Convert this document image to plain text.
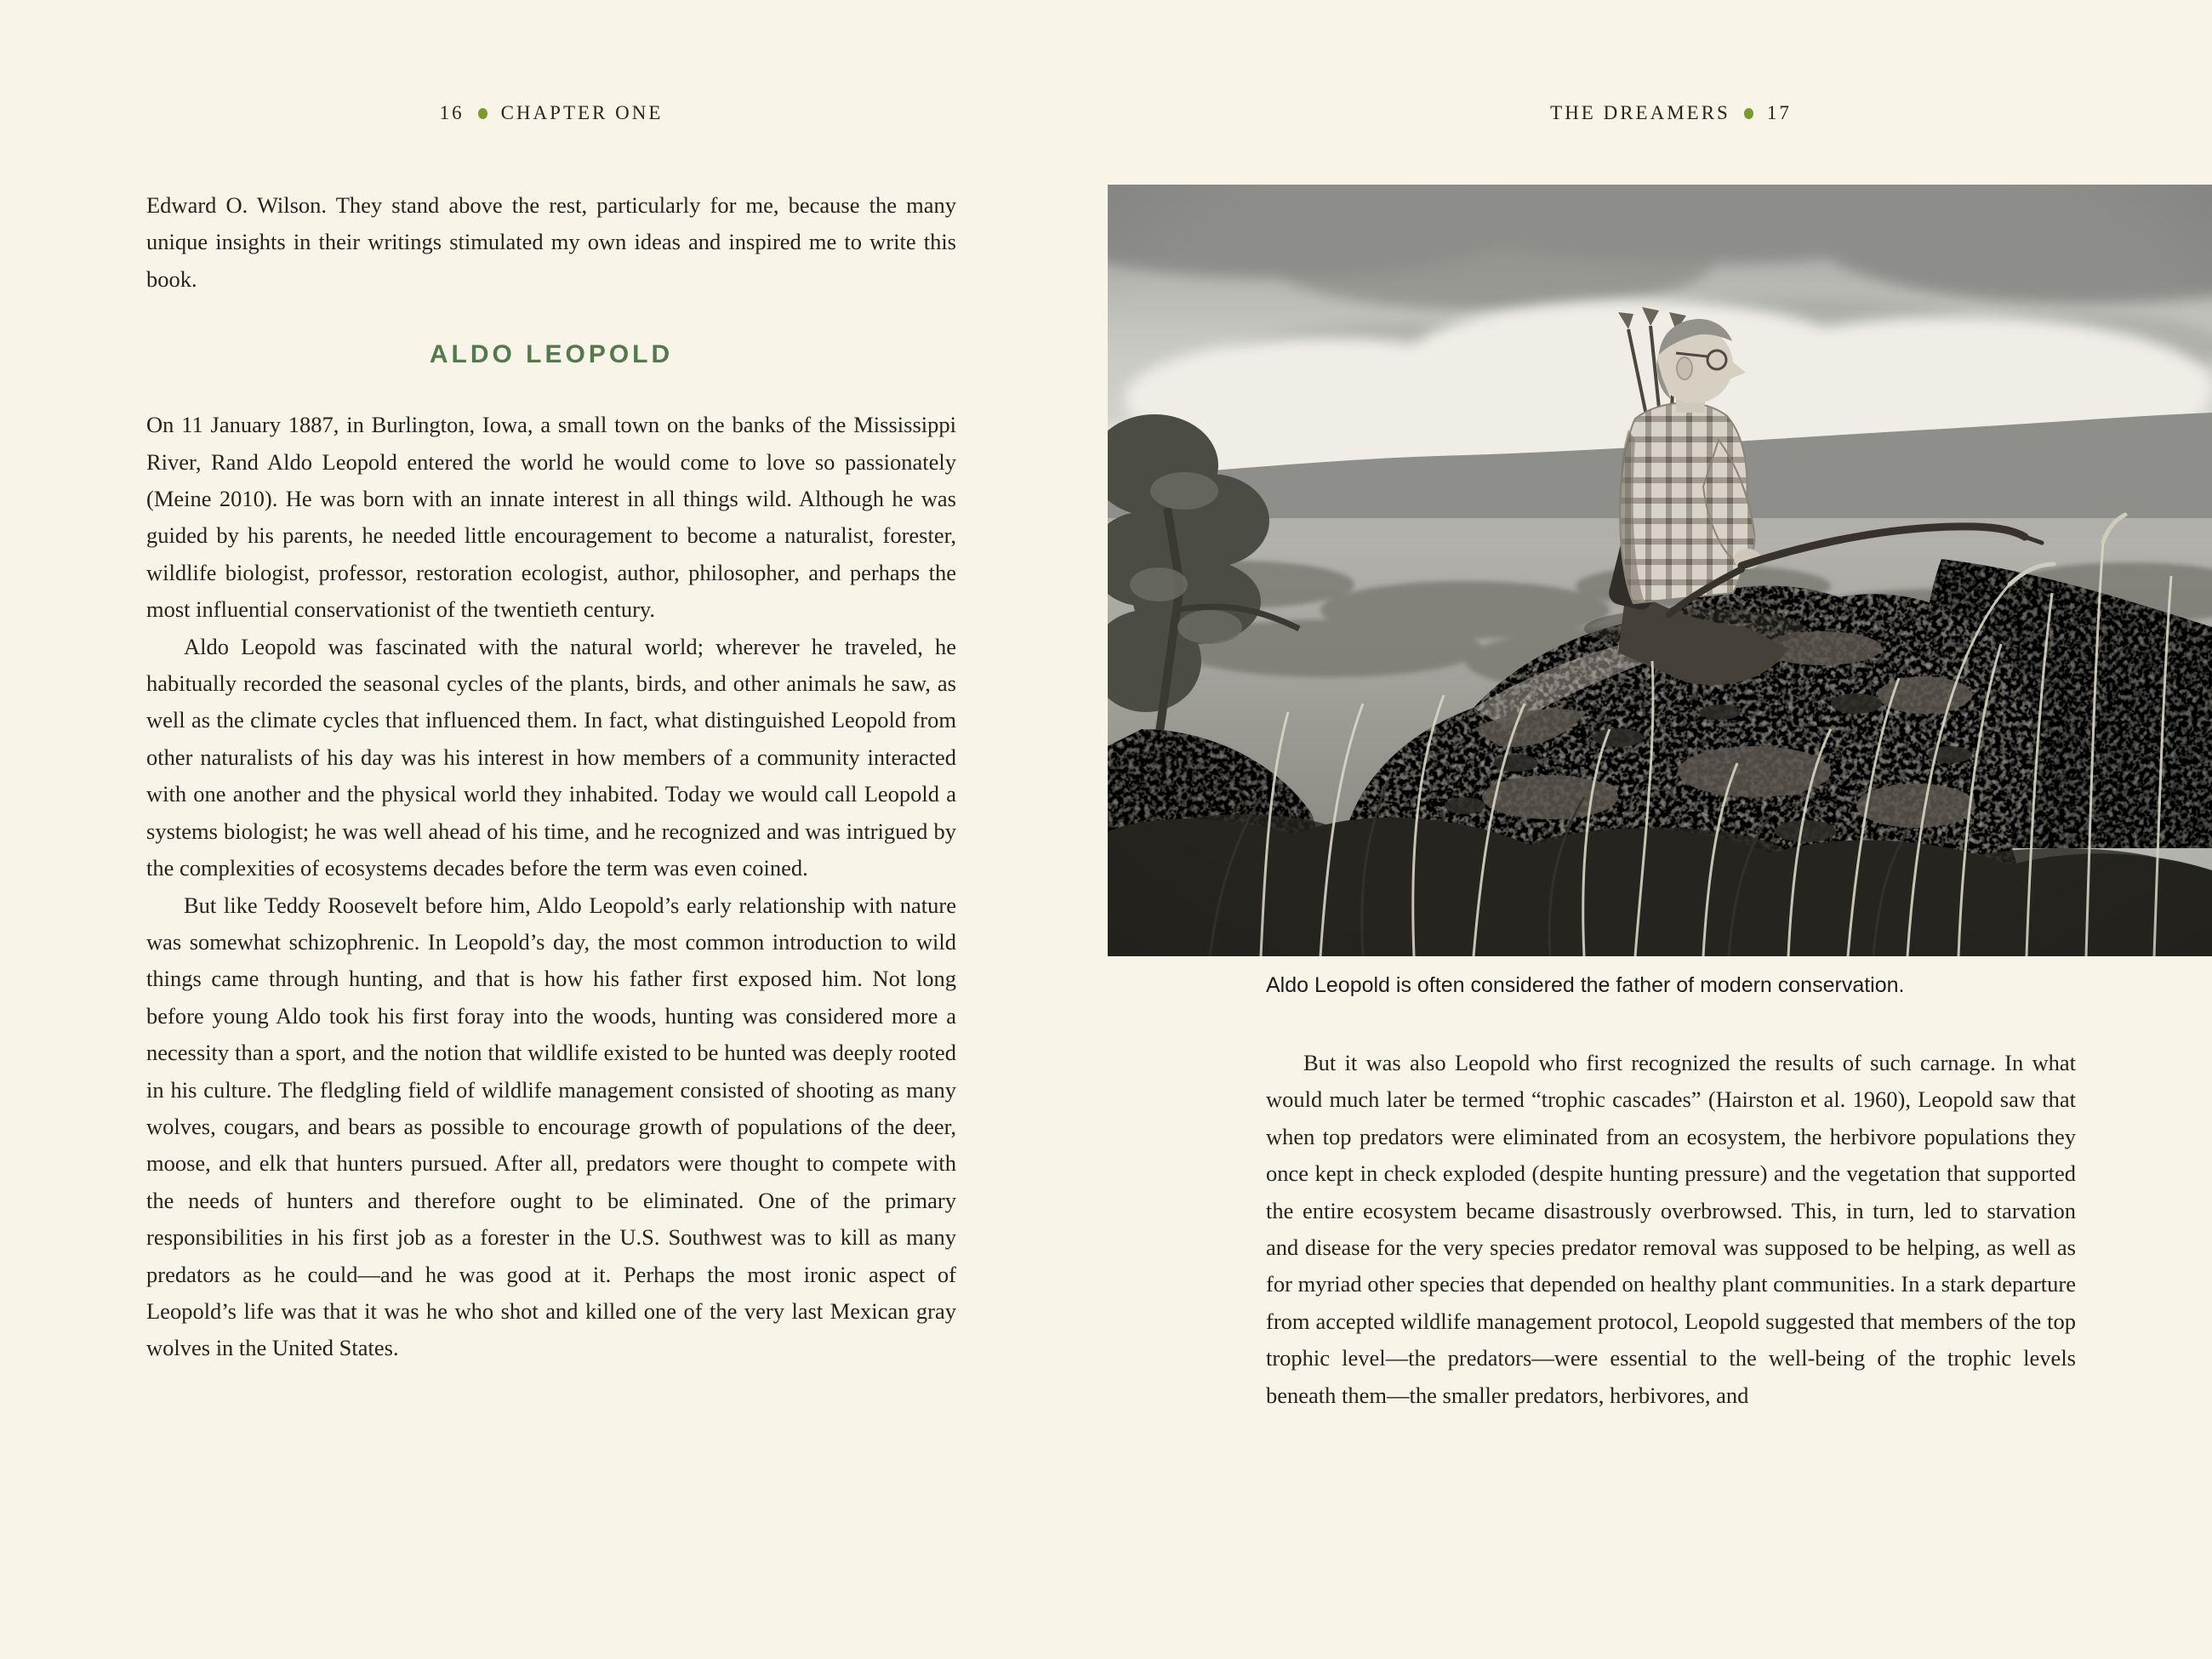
16 CHAPTER ONE	THE DREAMERS 17

Edward O. Wilson. They stand above the rest, particularly for me, because the many unique insights in their writings stimulated my own ideas and inspired me to write this book.

ALDO LEOPOLD

On 11 January 1887, in Burlington, Iowa, a small town on the banks of the Mississippi River, Rand Aldo Leopold entered the world he would come to love so passionately (Meine 2010). He was born with an innate interest in all things wild. Although he was guided by his parents, he needed little encouragement to become a naturalist, forester, wildlife biologist, professor, restoration ecologist, author, philosopher, and perhaps the most influential conservationist of the twentieth century.

Aldo Leopold was fascinated with the natural world; wherever he traveled, he habitually recorded the seasonal cycles of the plants, birds, and other animals he saw, as well as the climate cycles that influenced them. In fact, what distinguished Leopold from other naturalists of his day was his interest in how members of a community interacted with one another and the physical world they inhabited. Today we would call Leopold a systems biologist; he was well ahead of his time, and he recognized and was intrigued by the complexities of ecosystems decades before the term was even coined.

But like Teddy Roosevelt before him, Aldo Leopold’s early relationship with nature was somewhat schizophrenic. In Leopold’s day, the most common introduction to wild things came through hunting, and that is how his father first exposed him. Not long before young Aldo took his first foray into the woods, hunting was considered more a necessity than a sport, and the notion that wildlife existed to be hunted was deeply rooted in his culture. The fledgling field of wildlife management consisted of shooting as many wolves, cougars, and bears as possible to encourage growth of populations of the deer, moose, and elk that hunters pursued. After all, predators were thought to compete with the needs of hunters and therefore ought to be eliminated. One of the primary responsibilities in his first job as a forester in the U.S. Southwest was to kill as many predators as he could—and he was good at it. Perhaps the most ironic aspect of Leopold’s life was that it was he who shot and killed one of the very last Mexican gray wolves in the United States.

Aldo Leopold is often considered the father of modern conservation.

But it was also Leopold who first recognized the results of such carnage. In what would much later be termed “trophic cascades” (Hairston et al. 1960), Leopold saw that when top predators were eliminated from an ecosystem, the herbivore populations they once kept in check exploded (despite hunting pressure) and the vegetation that supported the entire ecosystem became disastrously overbrowsed. This, in turn, led to starvation and disease for the very species predator removal was supposed to be helping, as well as for myriad other species that depended on healthy plant communities. In a stark departure from accepted wildlife management protocol, Leopold suggested that members of the top trophic level—the predators—were essential to the well-being of the trophic levels beneath them—the smaller predators, herbivores, and
